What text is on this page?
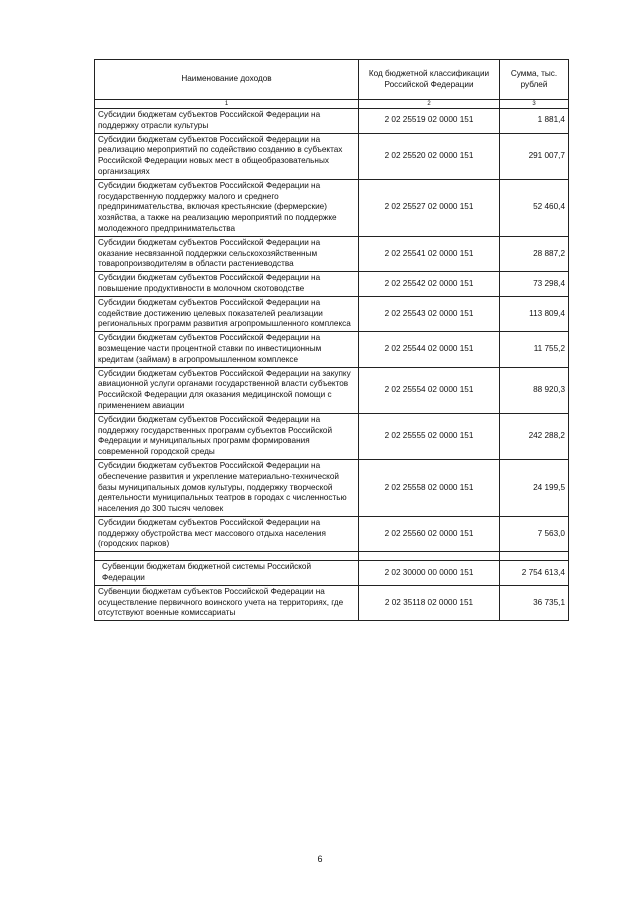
Наименование доходов	Код бюджетной классификации Российской Федерации	Сумма, тыс. рублей
1	2	3
Субсидии бюджетам субъектов Российской Федерации на поддержку отрасли культуры	2 02 25519 02 0000 151	1 881,4
Субсидии бюджетам субъектов Российской Федерации на реализацию мероприятий по содействию созданию в субъектах Российской Федерации новых мест в общеобразовательных организациях	2 02 25520 02 0000 151	291 007,7
Субсидии бюджетам субъектов Российской Федерации на государственную поддержку малого и среднего предпринимательства, включая крестьянские (фермерские) хозяйства, а также на реализацию мероприятий по поддержке молодежного предпринимательства	2 02 25527 02 0000 151	52 460,4
Субсидии бюджетам субъектов Российской Федерации на оказание несвязанной поддержки сельскохозяйственным товаропроизводителям в области растениеводства	2 02 25541 02 0000 151	28 887,2
Субсидии бюджетам субъектов Российской Федерации на повышение продуктивности в молочном скотоводстве	2 02 25542 02 0000 151	73 298,4
Субсидии бюджетам субъектов Российской Федерации на содействие достижению целевых показателей реализации региональных программ развития агропромышленного комплекса	2 02 25543 02 0000 151	113 809,4
Субсидии бюджетам субъектов Российской Федерации на возмещение части процентной ставки по инвестиционным кредитам (займам) в агропромышленном комплексе	2 02 25544 02 0000 151	11 755,2
Субсидии бюджетам субъектов Российской Федерации на закупку авиационной услуги органами государственной власти субъектов Российской Федерации для оказания медицинской помощи с применением авиации	2 02 25554 02 0000 151	88 920,3
Субсидии бюджетам субъектов Российской Федерации на поддержку государственных программ субъектов Российской Федерации и муниципальных программ формирования современной городской среды	2 02 25555 02 0000 151	242 288,2
Субсидии бюджетам субъектов Российской Федерации на обеспечение развития и укрепление материально-технической базы муниципальных домов культуры, поддержку творческой деятельности муниципальных театров в городах с численностью населения до 300 тысяч человек	2 02 25558 02 0000 151	24 199,5
Субсидии бюджетам субъектов Российской Федерации на поддержку обустройства мест массового отдыха населения (городских парков)	2 02 25560 02 0000 151	7 563,0

Субвенции бюджетам бюджетной системы Российской Федерации	2 02 30000 00 0000 151	2 754 613,4
Субвенции бюджетам субъектов Российской Федерации на осуществление первичного воинского учета на территориях, где отсутствуют военные комиссариаты	2 02 35118 02 0000 151	36 735,1
6
